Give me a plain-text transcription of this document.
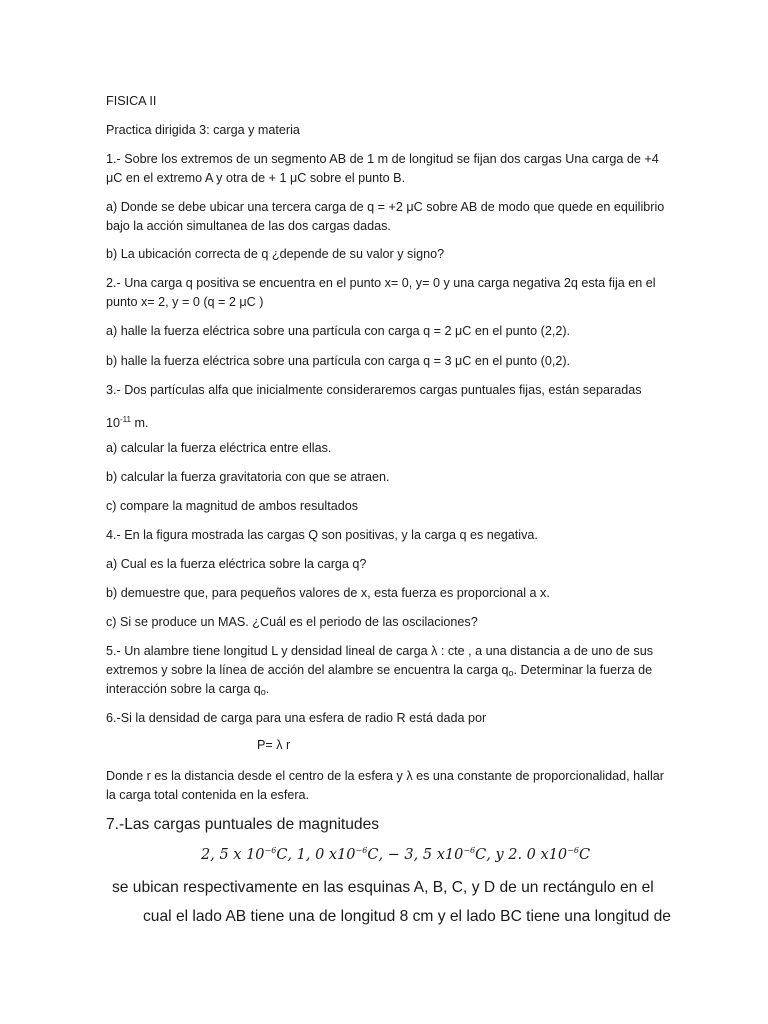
FISICA II

Practica dirigida 3: carga y materia

1.- Sobre los extremos de un segmento AB de 1 m de longitud se fijan dos cargas Una carga de +4 μC en el extremo A y otra de + 1 μC sobre el punto B.

a) Donde se debe ubicar una tercera carga de q = +2 μC sobre AB de modo que quede en equilibrio bajo la acción simultanea de las dos cargas dadas.

b) La ubicación correcta de q ¿depende de su valor y signo?

2.- Una carga q positiva se encuentra en el punto x= 0, y= 0 y una carga negativa 2q esta fija en el punto x= 2, y = 0 (q = 2 μC )

a) halle la fuerza eléctrica sobre una partícula con carga q = 2 μC en el punto (2,2).

b) halle la fuerza eléctrica sobre una partícula con carga q = 3 μC en el punto (0,2).

3.- Dos partículas alfa que inicialmente consideraremos cargas puntuales fijas, están separadas

$10^{-11}$ m.

a) calcular la fuerza eléctrica entre ellas.

b) calcular la fuerza gravitatoria con que se atraen.

c) compare la magnitud de ambos resultados

4.- En la figura mostrada las cargas Q son positivas, y la carga q es negativa.

a) Cual es la fuerza eléctrica sobre la carga q?

b) demuestre que, para pequeños valores de x, esta fuerza es proporcional a x.

c) Si se produce un MAS. ¿Cuál es el periodo de las oscilaciones?

5.- Un alambre tiene longitud L y densidad lineal de carga λ : cte , a una distancia a de uno de sus

extremos y sobre la línea de acción del alambre se encuentra la carga $q_o$. Determinar la fuerza de

interacción sobre la carga $q_o$.

6.-Si la densidad de carga para una esfera de radio R está dada por

P= λ r

Donde r es la distancia desde el centro de la esfera y λ es una constante de proporcionalidad, hallar la carga total contenida en la esfera.

7.-Las cargas puntuales de magnitudes

2, 5 𝑥 $10^{-6}𝐶$, 1, 0 $𝑥10^{-6}𝐶$, − 3, 5 $𝑥10^{-6}𝐶$, 𝑦 2. 0 $𝑥10^{-6}𝐶$

se ubican respectivamente en las esquinas A, B, C, y D de un rectángulo en el

cual el lado AB tiene una de longitud 8 cm y el lado BC tiene una longitud de
